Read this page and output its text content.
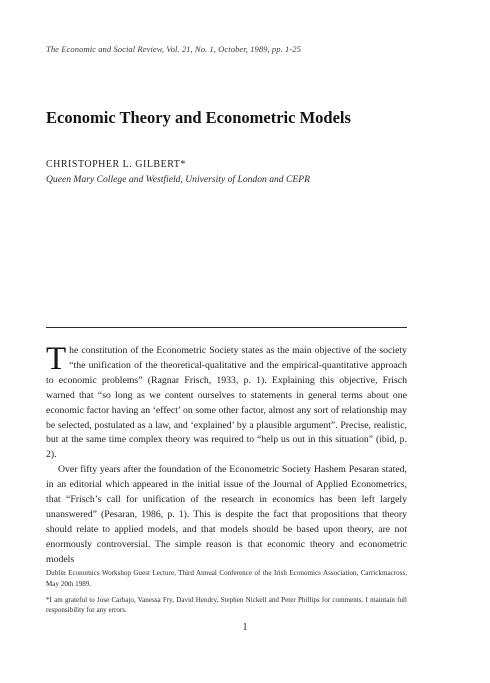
The Economic and Social Review, Vol. 21, No. 1, October, 1989, pp. 1-25
Economic Theory and Econometric Models
CHRISTOPHER L. GILBERT*
Queen Mary College and Westfield, University of London and CEPR

The constitution of the Econometric Society states as the main objective of the society “the unification of the theoretical-qualitative and the empirical-quantitative approach to economic problems” (Ragnar Frisch, 1933, p. 1). Explaining this objective, Frisch warned that “so long as we content ourselves to statements in general terms about one economic factor having an ‘effect’ on some other factor, almost any sort of relationship may be selected, postulated as a law, and ‘explained’ by a plausible argument”. Precise, realistic, but at the same time complex theory was required to “help us out in this situation” (ibid, p. 2).

Over fifty years after the foundation of the Econometric Society Hashem Pesaran stated, in an editorial which appeared in the initial issue of the Journal of Applied Econometrics, that “Frisch’s call for unification of the research in economics has been left largely unanswered” (Pesaran, 1986, p. 1). This is despite the fact that propositions that theory should relate to applied models, and that models should be based upon theory, are not enormously controversial. The simple reason is that economic theory and econometric models

Dublin Economics Workshop Guest Lecture, Third Annual Conference of the Irish Economics Association, Carrickmacross, May 20th 1989.

*I am grateful to Jose Carbajo, Vanessa Fry, David Hendry, Stephen Nickell and Peter Phillips for comments. I maintain full responsibility for any errors.

1
